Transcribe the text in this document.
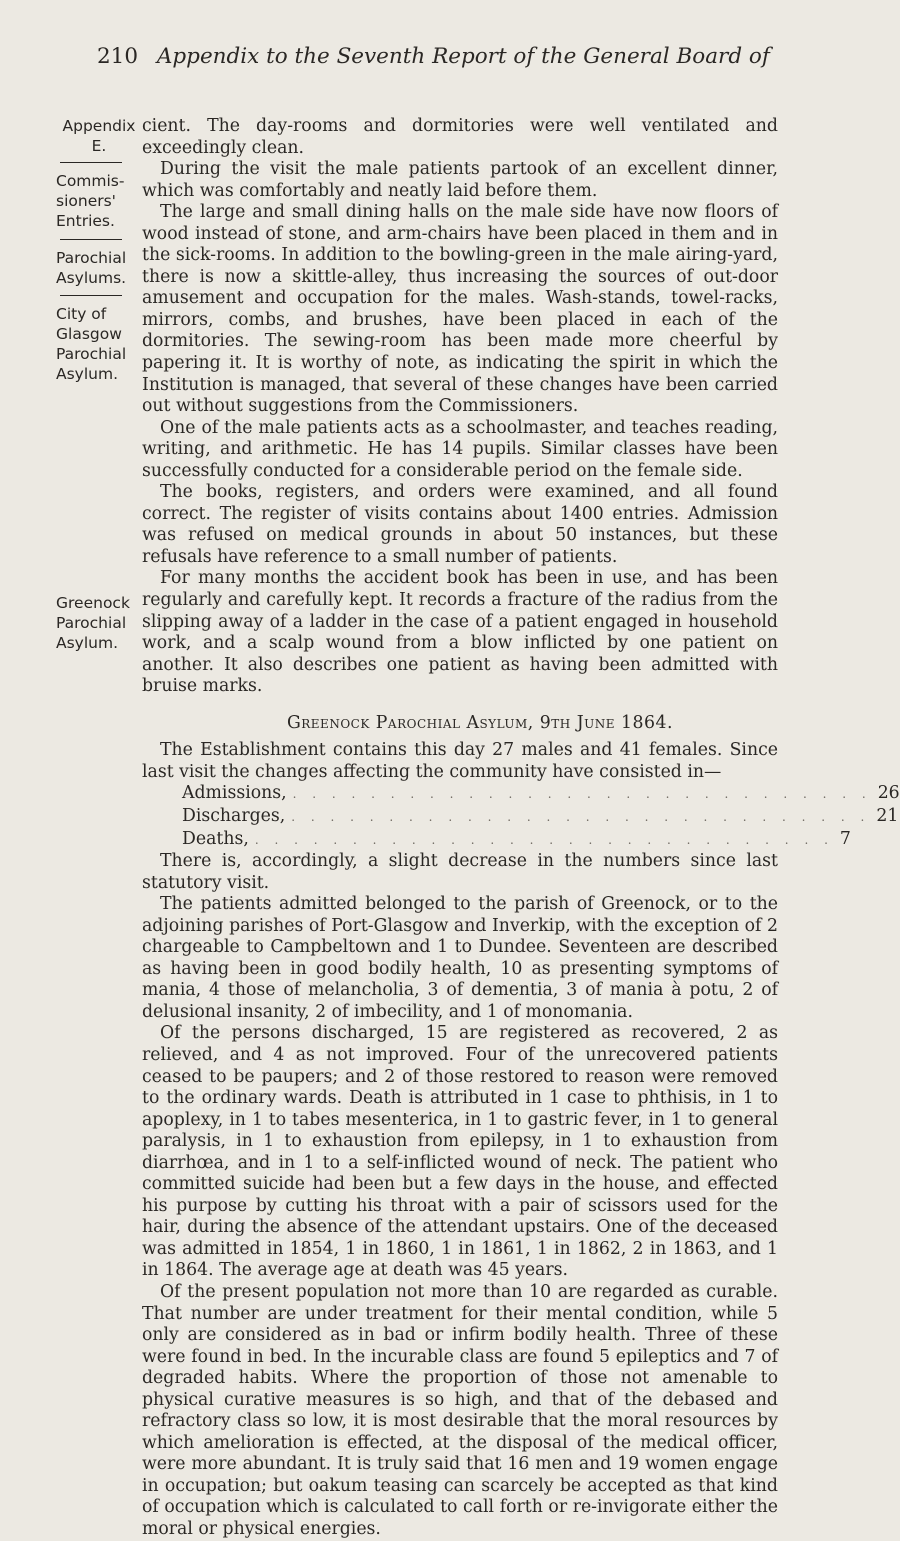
210 Appendix to the Seventh Report of the General Board of
Appendix
E.
Commis-
sioners'
Entries.
Parochial
Asylums.
City of
Glasgow
Parochial
Asylum.
Greenock
Parochial
Asylum.

cient. The day-rooms and dormitories were well ventilated and exceedingly clean.

During the visit the male patients partook of an excellent dinner, which was comfortably and neatly laid before them.

The large and small dining halls on the male side have now floors of wood instead of stone, and arm-chairs have been placed in them and in the sick-rooms. In addition to the bowling-green in the male airing-yard, there is now a skittle-alley, thus increasing the sources of out-door amusement and occupation for the males. Wash-stands, towel-racks, mirrors, combs, and brushes, have been placed in each of the dormitories. The sewing-room has been made more cheerful by papering it. It is worthy of note, as indicating the spirit in which the Institution is managed, that several of these changes have been carried out without suggestions from the Commissioners.

One of the male patients acts as a schoolmaster, and teaches reading, writing, and arithmetic. He has 14 pupils. Similar classes have been successfully conducted for a considerable period on the female side.

The books, registers, and orders were examined, and all found correct. The register of visits contains about 1400 entries. Admission was refused on medical grounds in about 50 instances, but these refusals have reference to a small number of patients.

For many months the accident book has been in use, and has been regularly and carefully kept. It records a fracture of the radius from the slipping away of a ladder in the case of a patient engaged in household work, and a scalp wound from a blow inflicted by one patient on another. It also describes one patient as having been admitted with bruise marks.

Greenock Parochial Asylum, 9th June 1864.

The Establishment contains this day 27 males and 41 females. Since last visit the changes affecting the community have consisted in—

Admissions, . . . . . . . . . . . . . . . . . . . . . . . . . . . . . . 26
Discharges, . . . . . . . . . . . . . . . . . . . . . . . . . . . . . . 21
Deaths, . . . . . . . . . . . . . . . . . . . . . . . . . . . . . . 7

There is, accordingly, a slight decrease in the numbers since last statutory visit.

The patients admitted belonged to the parish of Greenock, or to the adjoining parishes of Port-Glasgow and Inverkip, with the exception of 2 chargeable to Campbeltown and 1 to Dundee. Seventeen are described as having been in good bodily health, 10 as presenting symptoms of mania, 4 those of melancholia, 3 of dementia, 3 of mania à potu, 2 of delusional insanity, 2 of imbecility, and 1 of monomania.

Of the persons discharged, 15 are registered as recovered, 2 as relieved, and 4 as not improved. Four of the unrecovered patients ceased to be paupers; and 2 of those restored to reason were removed to the ordinary wards. Death is attributed in 1 case to phthisis, in 1 to apoplexy, in 1 to tabes mesenterica, in 1 to gastric fever, in 1 to general paralysis, in 1 to exhaustion from epilepsy, in 1 to exhaustion from diarrhœa, and in 1 to a self-inflicted wound of neck. The patient who committed suicide had been but a few days in the house, and effected his purpose by cutting his throat with a pair of scissors used for the hair, during the absence of the attendant upstairs. One of the deceased was admitted in 1854, 1 in 1860, 1 in 1861, 1 in 1862, 2 in 1863, and 1 in 1864. The average age at death was 45 years.

Of the present population not more than 10 are regarded as curable. That number are under treatment for their mental condition, while 5 only are considered as in bad or infirm bodily health. Three of these were found in bed. In the incurable class are found 5 epileptics and 7 of degraded habits. Where the proportion of those not amenable to physical curative measures is so high, and that of the debased and refractory class so low, it is most desirable that the moral resources by which amelioration is effected, at the disposal of the medical officer, were more abundant. It is truly said that 16 men and 19 women engage in occupation; but oakum teasing can scarcely be accepted as that kind of occupation which is calculated to call forth or re-invigorate either the moral or physical energies.
